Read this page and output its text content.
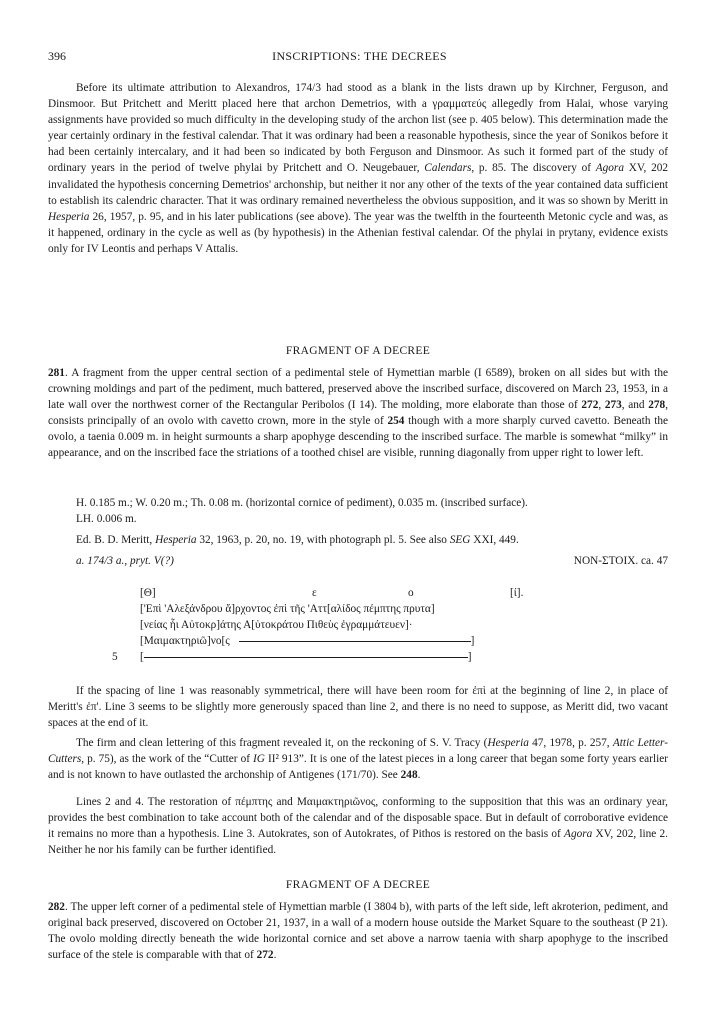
396	INSCRIPTIONS: THE DECREES

Before its ultimate attribution to Alexandros, 174/3 had stood as a blank in the lists drawn up by Kirchner, Ferguson, and Dinsmoor. But Pritchett and Meritt placed here that archon Demetrios, with a γραμματεύς allegedly from Halai, whose varying assignments have provided so much difficulty in the developing study of the archon list (see p. 405 below). This determination made the year certainly ordinary in the festival calendar. That it was ordinary had been a reasonable hypothesis, since the year of Sonikos before it had been certainly intercalary, and it had been so indicated by both Ferguson and Dinsmoor. As such it formed part of the study of ordinary years in the period of twelve phylai by Pritchett and O. Neugebauer, Calendars, p. 85. The discovery of Agora XV, 202 invalidated the hypothesis concerning Demetrios' archonship, but neither it nor any other of the texts of the year contained data sufficient to establish its calendric character. That it was ordinary remained nevertheless the obvious supposition, and it was so shown by Meritt in Hesperia 26, 1957, p. 95, and in his later publications (see above). The year was the twelfth in the fourteenth Metonic cycle and was, as it happened, ordinary in the cycle as well as (by hypothesis) in the Athenian festival calendar. Of the phylai in prytany, evidence exists only for IV Leontis and perhaps V Attalis.

FRAGMENT OF A DECREE

281. A fragment from the upper central section of a pedimental stele of Hymettian marble (I 6589), broken on all sides but with the crowning moldings and part of the pediment, much battered, preserved above the inscribed surface, discovered on March 23, 1953, in a late wall over the northwest corner of the Rectangular Peribolos (I 14). The molding, more elaborate than those of 272, 273, and 278, consists principally of an ovolo with cavetto crown, more in the style of 254 though with a more sharply curved cavetto. Beneath the ovolo, a taenia 0.009 m. in height surmounts a sharp apophyge descending to the inscribed surface. The marble is somewhat “milky” in appearance, and on the inscribed face the striations of a toothed chisel are visible, running diagonally from upper right to lower left.

H. 0.185 m.; W. 0.20 m.; Th. 0.08 m. (horizontal cornice of pediment), 0.035 m. (inscribed surface).

LH. 0.006 m.

Ed. B. D. Meritt, Hesperia 32, 1963, p. 20, no. 19, with photograph pl. 5. See also SEG XXI, 449.

a. 174/3 a., pryt. V(?)	NON-ΣΤΟΙΧ. ca. 47
[Θ]	ε	ο	[ί].
['Επὶ 'Αλεξάνδρου ἄ]ρχοντος ἐπὶ τῆς 'Αττ[αλίδος πέμπτης πρυτα]
[νείας ἧι Αὐτοκρ]άτης Α[ὐτοκράτου Πιθεὺς ἐγραμμάτευεν]·
[Μαιμακτηριῶ]νο[ς	]
5 [	]

If the spacing of line 1 was reasonably symmetrical, there will have been room for ἐπὶ at the beginning of line 2, in place of Meritt's ἐπ'. Line 3 seems to be slightly more generously spaced than line 2, and there is no need to suppose, as Meritt did, two vacant spaces at the end of it.

The firm and clean lettering of this fragment revealed it, on the reckoning of S. V. Tracy (Hesperia 47, 1978, p. 257, Attic Letter-Cutters, p. 75), as the work of the “Cutter of IG II² 913”. It is one of the latest pieces in a long career that began some forty years earlier and is not known to have outlasted the archonship of Antigenes (171/70). See 248.

Lines 2 and 4. The restoration of πέμπτης and Μαιμακτηριῶνος, conforming to the supposition that this was an ordinary year, provides the best combination to take account both of the calendar and of the disposable space. But in default of corroborative evidence it remains no more than a hypothesis. Line 3. Autokrates, son of Autokrates, of Pithos is restored on the basis of Agora XV, 202, line 2. Neither he nor his family can be further identified.

FRAGMENT OF A DECREE

282. The upper left corner of a pedimental stele of Hymettian marble (I 3804 b), with parts of the left side, left akroterion, pediment, and original back preserved, discovered on October 21, 1937, in a wall of a modern house outside the Market Square to the southeast (P 21). The ovolo molding directly beneath the wide horizontal cornice and set above a narrow taenia with sharp apophyge to the inscribed surface of the stele is comparable with that of 272.
